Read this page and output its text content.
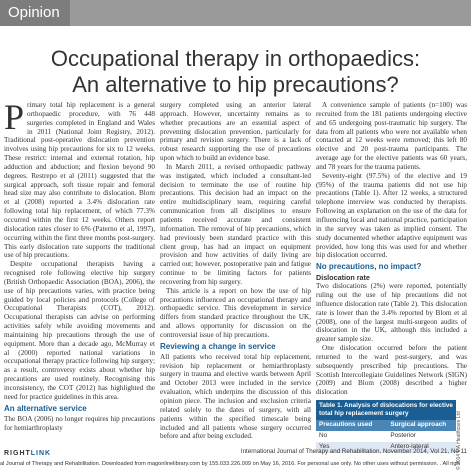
Opinion
Occupational therapy in orthopaedics:
An alternative to hip precautions?

Primary total hip replacement is a general orthopaedic procedure, with 76 448 surgeries completed in England and Wales in 2011 (National Joint Registry, 2012). Traditional post-operative dislocation prevention involves using hip precautions for six to 12 weeks. These restrict: internal and external rotation, hip adduction and abduction; and flexion beyond 90 degrees. Restrepo et al (2011) suggested that the surgical approach, soft tissue repair and femoral head size may also contribute to dislocation. Blom et al (2008) reported a 3.4% dislocation rate following total hip replacement, of which 77.3% occurred within the first 12 weeks. Others report dislocation rates closer to 6% (Paterno et al, 1997), occurring within the first three months post-surgery. This early dislocation rate supports the traditional use of hip precautions.

Despite occupational therapists having a recognised role following elective hip surgery (British Orthopaedic Association (BOA), 2006), the use of hip precautions varies, with practice being guided by local policies and protocols (College of Occupational Therapists (COT), 2012). Occupational therapists can advise on performing activities safely while avoiding movements and maintaining hip precautions through the use of equipment. More than a decade ago, McMurray et al (2000) reported national variations in occupational therapy practice following hip surgery; as a result, controversy exists about whether hip precautions are used routinely. Recognising this inconsistency, the COT (2012) has highlighted the need for practice guidelines in this area.

An alternative service

The BOA (2006) no longer requires hip precautions for hemiarthroplasty

surgery completed using an anterior lateral approach. However, uncertainty remains as to whether precautions are an essential aspect of preventing dislocation prevention, particularly for primary and revision surgery. There is a lack of robust research supporting the use of precautions upon which to build an evidence base.

In March 2011, a revised orthopaedic pathway was instigated, which included a consultant-led decision to terminate the use of routine hip precautions. This decision had an impact on the entire multidisciplinary team, requiring careful communication from all disciplines to ensure patients received accurate and consistent information. The removal of hip precautions, which had previously been standard practice with this client group, has had an impact on equipment provision and how activities of daily living are carried out; however, postoperative pain and fatigue continue to be limiting factors for patients recovering from hip surgery.

This article is a report on how the use of hip precautions influenced an occupational therapy and orthopaedic service. This development in service differs from standard practice throughout the UK, and allows opportunity for discussion on the controversial issue of hip precautions.

Reviewing a change in service

All patients who received total hip replacement, revision hip replacement or hemiarthroplasty surgery in trauma and elective wards between April and October 2013 were included in the service evaluation, which underpins the discussion of this opinion piece. The inclusion and exclusion criteria related solely to the dates of surgery, with all patients within the specified timescale being included and all patients whose surgery occurred before and after being excluded.

A convenience sample of patients (n=100) was recruited from the 181 patients undergoing elective and 65 undergoing post-traumatic hip surgery. The data from all patients who were not available when contacted at 12 weeks were removed; this left 80 elective and 20 post-trauma participants. The average age for the elective patients was 60 years, and 78 years for the trauma patients.

Seventy-eight (97.5%) of the elective and 19 (95%) of the trauma patients did not use hip precautions (Table 1). After 12 weeks, a structured telephone interview was conducted by therapists. Following an explanation on the use of the data for influencing local and national practice, participation in the survey was taken as implied consent. The study documented whether adaptive equipment was provided, how long this was used for and whether hip dislocation occurred.

No precautions, no impact?
Dislocation rate

Two dislocations (2%) were reported, potentially ruling out the use of hip precautions did not influence dislocation rate (Table 2). This dislocation rate is lower than the 3.4% reported by Blom et al (2008), one of the largest multi-surgeon audits of dislocation in the UK, although this included a greater sample size.

One dislocation occurred before the patient returned to the ward post-surgery, and was subsequently prescribed hip precautions. The Scottish Intercollegiate Guidelines Network (SIGN) (2009) and Blom (2008) described a higher dislocation

Table 1. Analysis of dislocations for elective total hip replacement surgery	
Precautions used	Surgical approach
No	Posterior
Yes	Antero-lateral	© 2014 MA Healthcare Ltd
RIGHTLINK	International Journal of Therapy and Rehabilitation, November 2014, Vol 21, No 11
al Journal of Therapy and Rehabilitation. Downloaded from magonlinelibrary.com by 155.033.226.009 on May 16, 2016. For personal use only. No other uses without permission. . All righ
